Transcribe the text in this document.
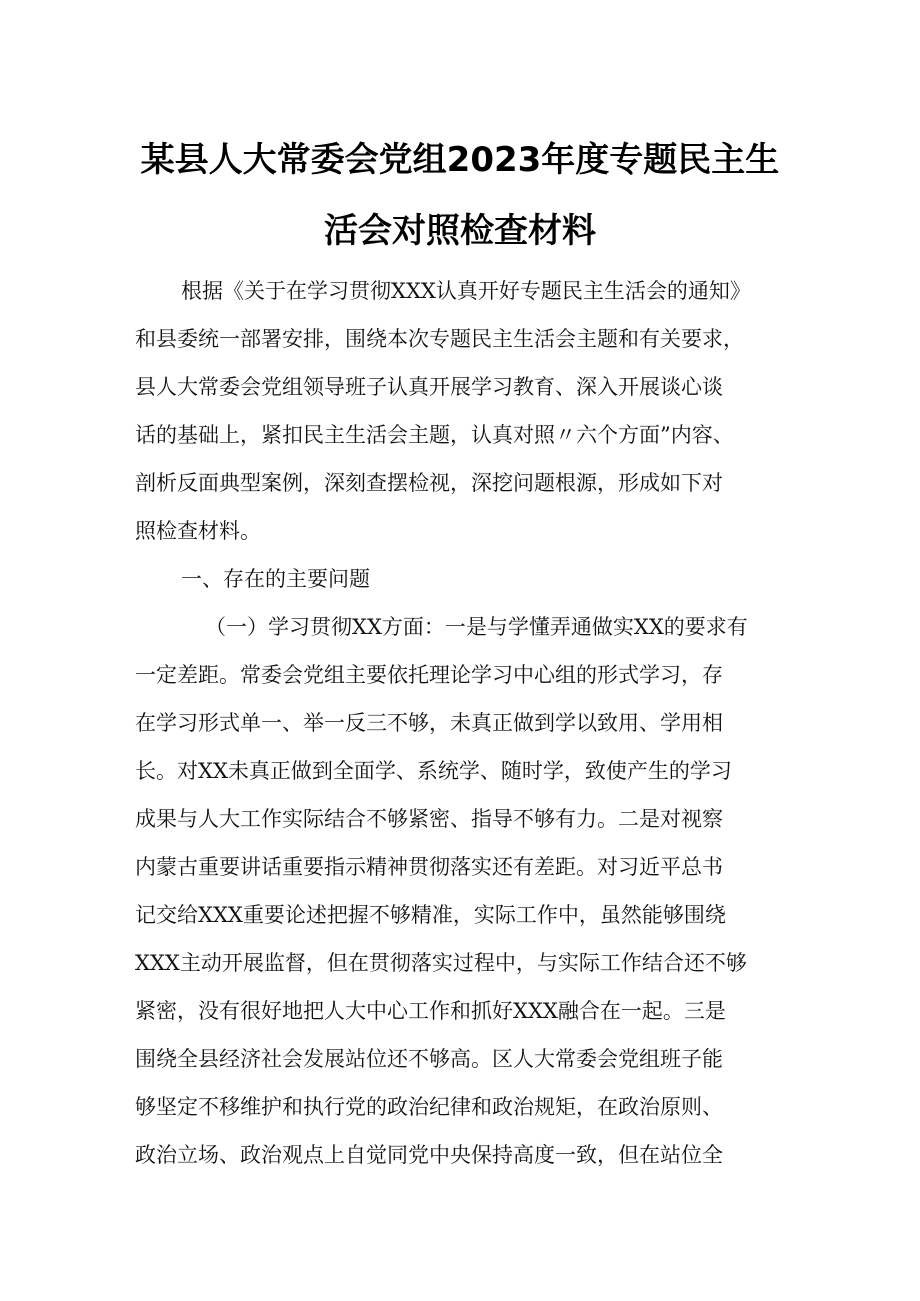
某县人大常委会党组2023年度专题民主生
活会对照检查材料
根据《关于在学习贯彻XXX认真开好专题民主生活会的通知》
和县委统一部署安排，围绕本次专题民主生活会主题和有关要求，
县人大常委会党组领导班子认真开展学习教育、深入开展谈心谈
话的基础上，紧扣民主生活会主题，认真对照〃六个方面”内容、
剖析反面典型案例，深刻查摆检视，深挖问题根源，形成如下对
照检查材料。
一、存在的主要问题
（一）学习贯彻XX方面：一是与学懂弄通做实XX的要求有
一定差距。常委会党组主要依托理论学习中心组的形式学习，存
在学习形式单一、举一反三不够，未真正做到学以致用、学用相
长。对XX未真正做到全面学、系统学、随时学，致使产生的学习
成果与人大工作实际结合不够紧密、指导不够有力。二是对视察
内蒙古重要讲话重要指示精神贯彻落实还有差距。对习近平总书
记交给XXX重要论述把握不够精准，实际工作中，虽然能够围绕
XXX主动开展监督，但在贯彻落实过程中，与实际工作结合还不够
紧密，没有很好地把人大中心工作和抓好XXX融合在一起。三是
围绕全县经济社会发展站位还不够高。区人大常委会党组班子能
够坚定不移维护和执行党的政治纪律和政治规矩，在政治原则、
政治立场、政治观点上自觉同党中央保持高度一致，但在站位全
